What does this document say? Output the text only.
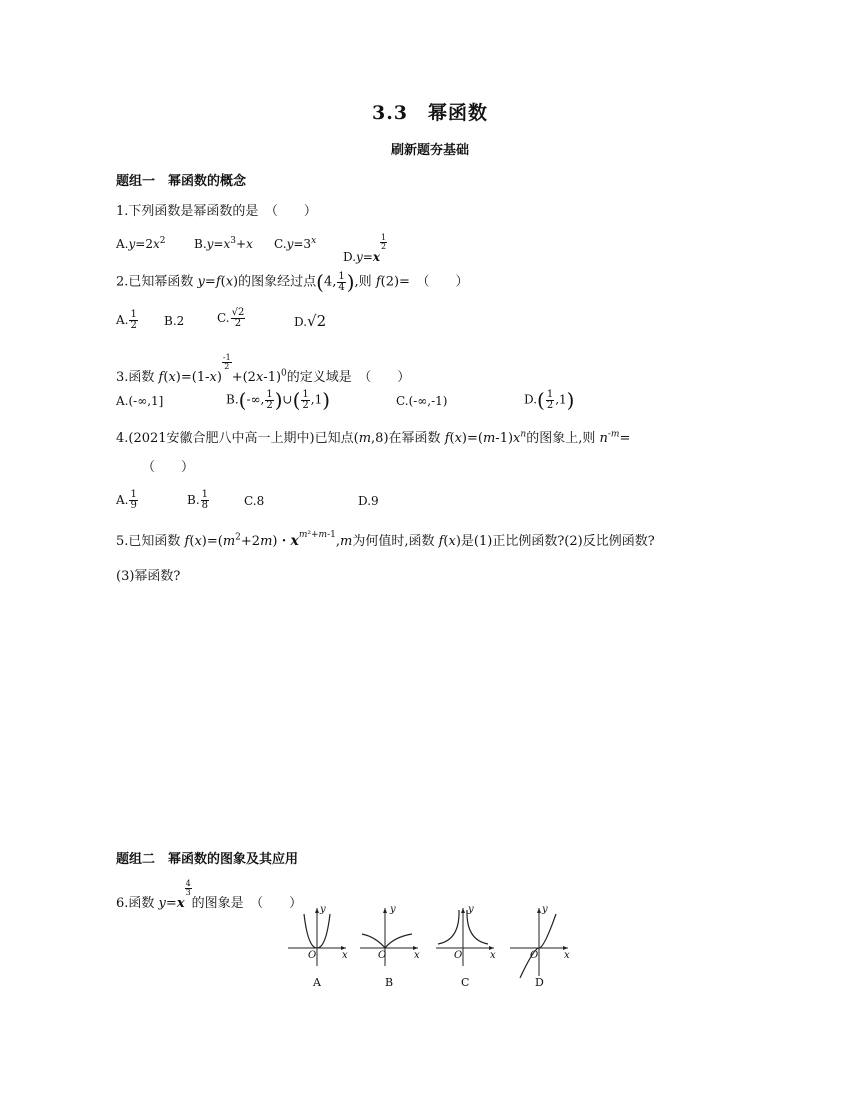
3.3　幂函数
刷新题夯基础
题组一　幂函数的概念
1.下列函数是幂函数的是　（　　）
$A.y=2x^2$ $B.y=x^3+x$ $C.y=3^x$
D.y=x
$\frac{1}{2}$
2.已知幂函数 y=f(x)的图象经过点(4, $\frac{1}{4}$ ),则 f(2)=　（　　）
A. $\frac{1}{2} B.2$	C. $\frac{√2}{2}$	D.√2
3.函数 f(x)=(1-x)
$\frac{-1}{2}$
$+(2x-1)^0$的定义域是　（　　）
A.(-∞,1]	B.(-∞, $\frac{1}{2}$ )∪( $\frac{1}{2} ,1$)	C.(-∞,-1)	$D.( \frac{1}{2} ,1)$
4.(2021安徽合肥八中高一上期中)已知点(m,8)在幂函数 $f(x)=(m-1)x^n$的图象上,则 $n^{-m}=$
（　　）
A. $\frac{1}{9}$	B. $\frac{1}{8}$	C.8	D.9
5.已知函数 $f(x)=(m^2+2m)$・$x^{m^2+m-1},m$为何值时,函数 f(x)是(1)正比例函数?(2)反比例函数?
(3)幂函数?
题组二　幂函数的图象及其应用
6.函数 y=x
$\frac{4}{3}$
的图象是　（　　） y
x
O
y
x
O
y
x
O
y
x
O
A	B	C	D
